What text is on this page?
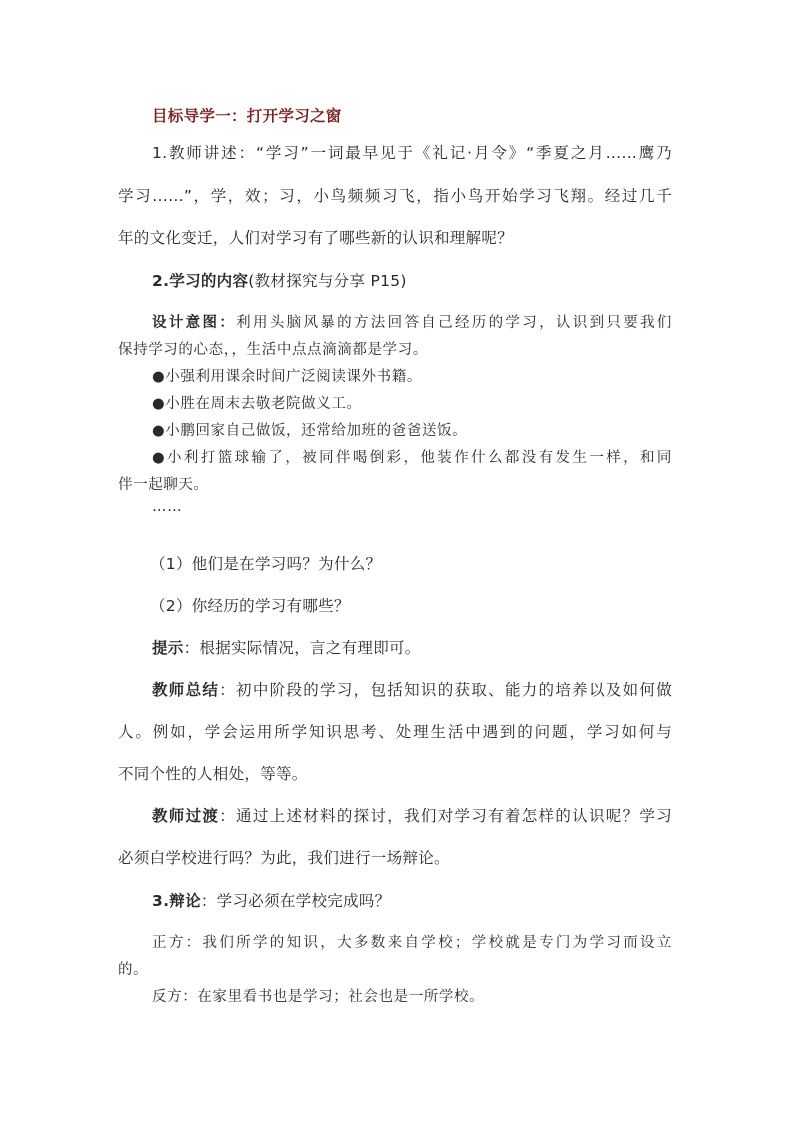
目标导学一：打开学习之窗

1.教师讲述：“学习”一词最早见于《礼记·月令》“季夏之月……鹰乃

学习……”，学，效；习，小鸟频频习飞，指小鸟开始学习飞翔。经过几千

年的文化变迁，人们对学习有了哪些新的认识和理解呢？

2.学习的内容(教材探究与分享 P15)

设计意图：利用头脑风暴的方法回答自己经历的学习，认识到只要我们

保持学习的心态，，生活中点点滴滴都是学习。

●小强利用课余时间广泛阅读课外书籍。

●小胜在周末去敬老院做义工。

●小鹏回家自己做饭，还常给加班的爸爸送饭。

●小利打篮球输了，被同伴喝倒彩，他装作什么都没有发生一样，和同

伴一起聊天。

……

（1）他们是在学习吗？为什么？

（2）你经历的学习有哪些？

提示：根据实际情况，言之有理即可。

教师总结：初中阶段的学习，包括知识的获取、能力的培养以及如何做

人。例如，学会运用所学知识思考、处理生活中遇到的问题，学习如何与

不同个性的人相处，等等。

教师过渡：通过上述材料的探讨，我们对学习有着怎样的认识呢？学习

必须白学校进行吗？为此，我们进行一场辩论。

3.辩论：学习必须在学校完成吗？

正方：我们所学的知识，大多数来自学校；学校就是专门为学习而设立

的。

反方：在家里看书也是学习；社会也是一所学校。
